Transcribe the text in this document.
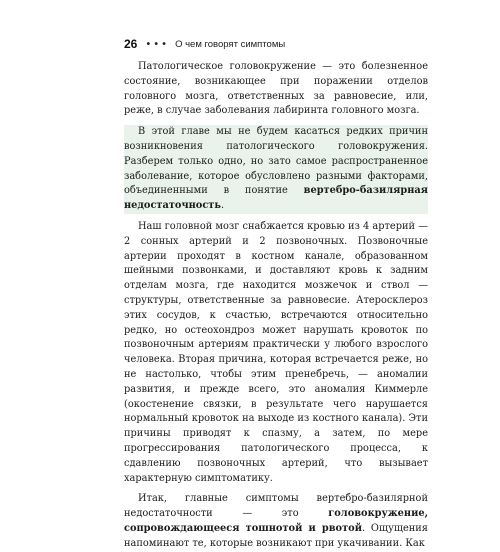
26 ••• О чем говорят симптомы

Патологическое головокружение — это болезненное состояние, возникающее при поражении отделов головного мозга, ответственных за равновесие, или, реже, в случае заболевания лабиринта головного мозга.

В этой главе мы не будем касаться редких причин возникновения патологического головокружения. Разберем только одно, но зато самое распространенное заболевание, которое обусловлено разными факторами, объединенными в понятие вертебро-базилярная недостаточность.

Наш головной мозг снабжается кровью из 4 артерий — 2 сонных артерий и 2 позвоночных. Позвоночные артерии проходят в костном канале, образованном шейными позвонками, и доставляют кровь к задним отделам мозга, где находится мозжечок и ствол — структуры, ответственные за равновесие. Атеросклероз этих сосудов, к счастью, встречаются относительно редко, но остеохондроз может нарушать кровоток по позвоночным артериям практически у любого взрослого человека. Вторая причина, которая встречается реже, но не настолько, чтобы этим пренебречь, — аномалии развития, и прежде всего, это аномалия Киммерле (окостенение связки, в результате чего нарушается нормальный кровоток на выходе из костного канала). Эти причины приводят к спазму, а затем, по мере прогрессирования патологического процесса, к сдавлению позвоночных артерий, что вызывает характерную симптоматику.

Итак, главные симптомы вертебро-базилярной недостаточности — это головокружение, сопровождающееся тошнотой и рвотой. Ощущения напоминают те, которые возникают при укачивании. Как
